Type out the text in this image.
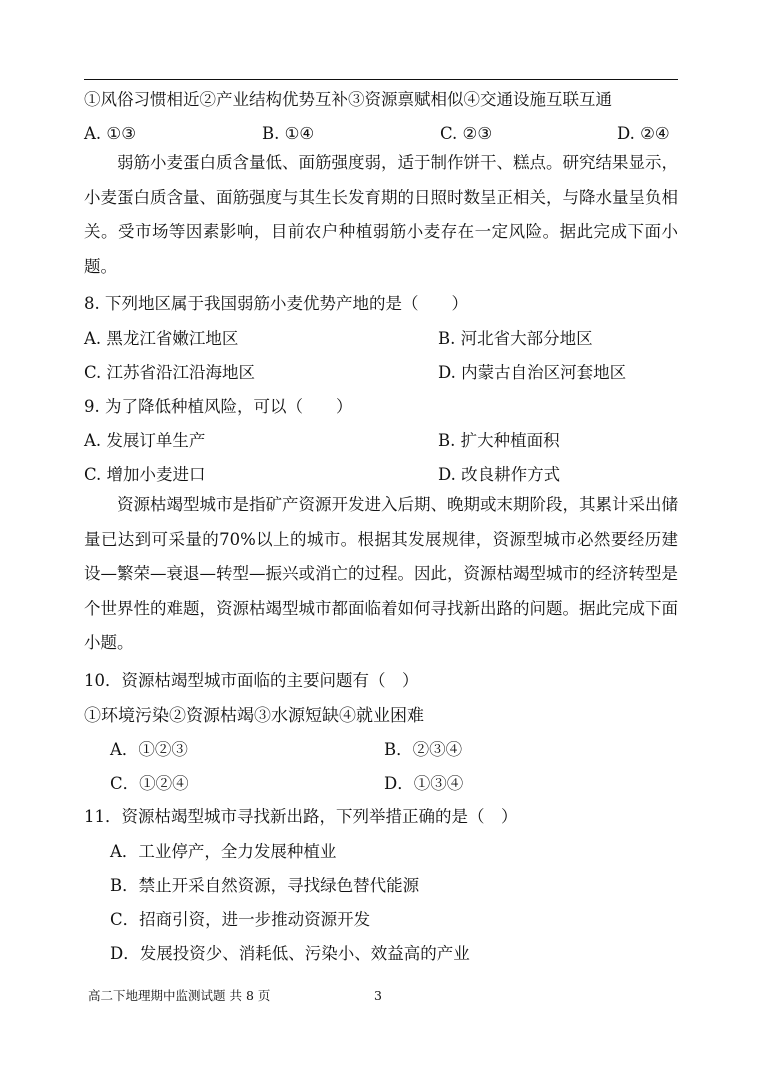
①风俗习惯相近②产业结构优势互补③资源禀赋相似④交通设施互联互通
A. ①③	B. ①④	C. ②③	D. ②④
弱筋小麦蛋白质含量低、面筋强度弱，适于制作饼干、糕点。研究结果显示，小麦蛋白质含量、面筋强度与其生长发育期的日照时数呈正相关，与降水量呈负相关。受市场等因素影响，目前农户种植弱筋小麦存在一定风险。据此完成下面小题。
8. 下列地区属于我国弱筋小麦优势产地的是（　　）
A. 黑龙江省嫩江地区	B. 河北省大部分地区
C. 江苏省沿江沿海地区	D. 内蒙古自治区河套地区
9. 为了降低种植风险，可以（　　）
A. 发展订单生产	B. 扩大种植面积
C. 增加小麦进口	D. 改良耕作方式
资源枯竭型城市是指矿产资源开发进入后期、晚期或末期阶段，其累计采出储量已达到可采量的70%以上的城市。根据其发展规律，资源型城市必然要经历建设—繁荣—衰退—转型—振兴或消亡的过程。因此，资源枯竭型城市的经济转型是个世界性的难题，资源枯竭型城市都面临着如何寻找新出路的问题。据此完成下面小题。
10．资源枯竭型城市面临的主要问题有（　）
①环境污染②资源枯竭③水源短缺④就业困难
A．①②③	B．②③④
C．①②④	D．①③④
11．资源枯竭型城市寻找新出路，下列举措正确的是（　）
A．工业停产，全力发展种植业
B．禁止开采自然资源，寻找绿色替代能源
C．招商引资，进一步推动资源开发
D．发展投资少、消耗低、污染小、效益高的产业
高二下地理期中监测试题 共 8 页	3
